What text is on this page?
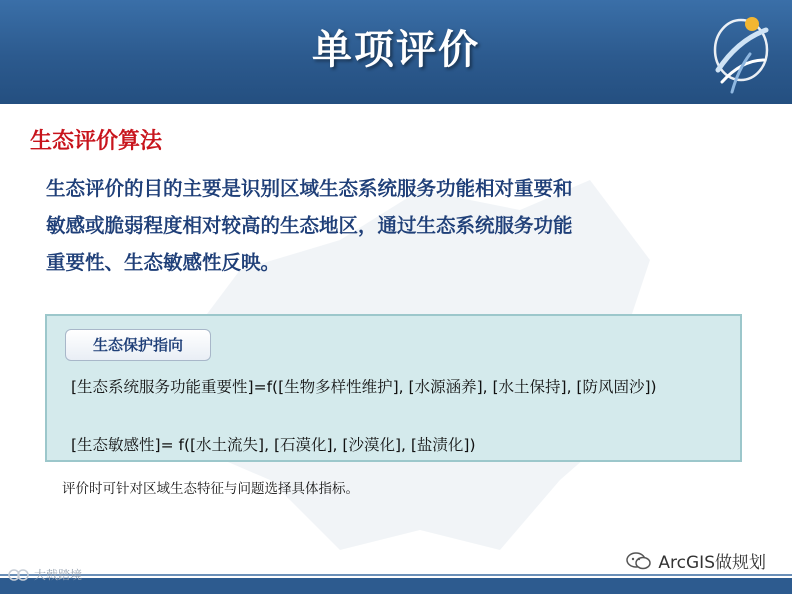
单项评价
生态评价算法
生态评价的目的主要是识别区域生态系统服务功能相对重要和
敏感或脆弱程度相对较高的生态地区，通过生态系统服务功能
重要性、生态敏感性反映。
生态保护指向
[生态系统服务功能重要性]=f([生物多样性维护], [水源涵养], [水土保持], [防风固沙])
[生态敏感性]= f([水土流失], [石漠化], [沙漠化], [盐渍化])
评价时可针对区域生态特征与问题选择具体指标。
ArcGIS做规划
大戟踏境
